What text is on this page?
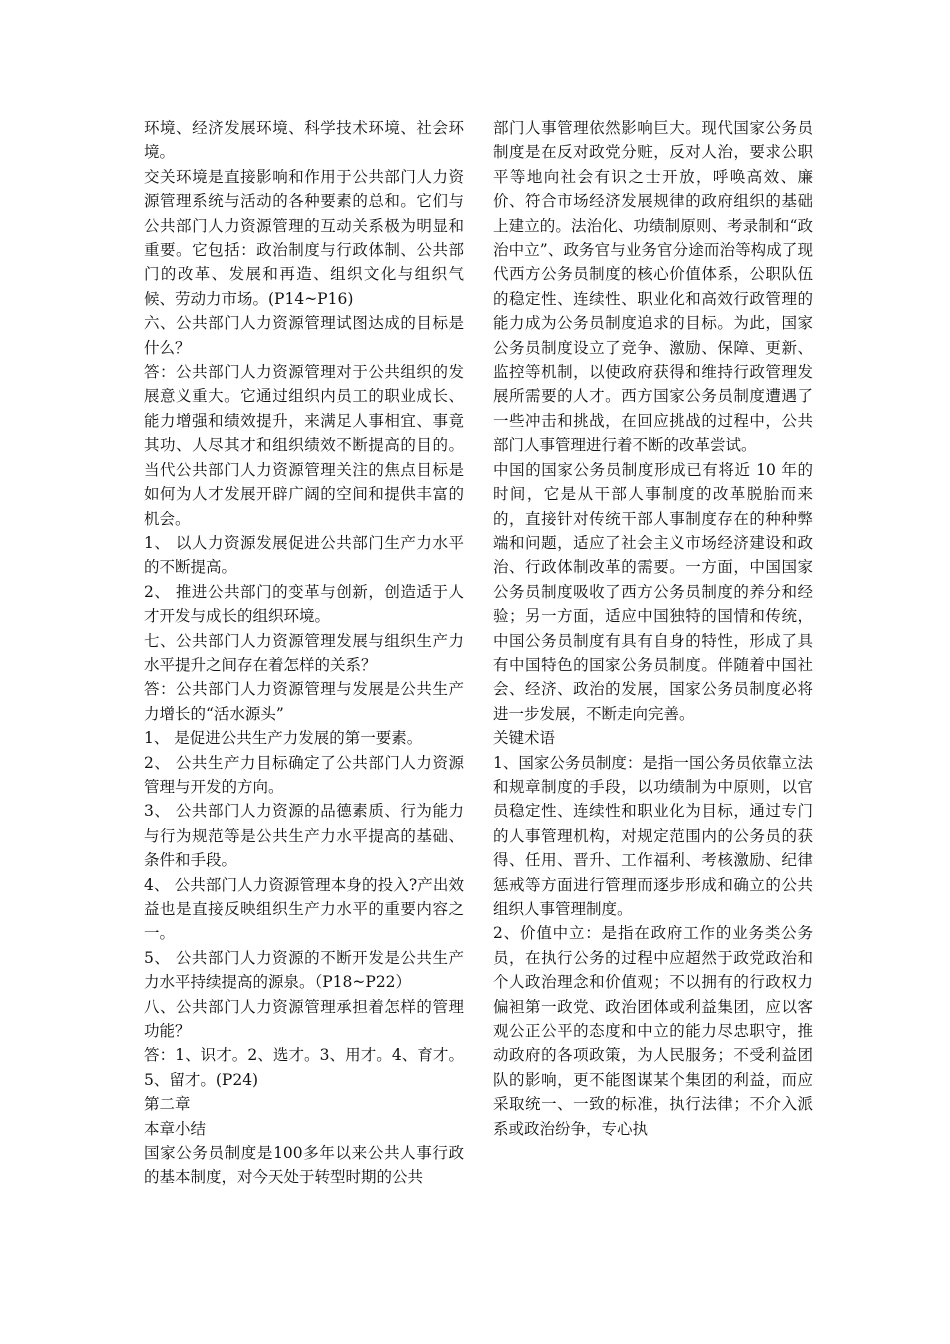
环境、经济发展环境、科学技术环境、社会环境。

交关环境是直接影响和作用于公共部门人力资源管理系统与活动的各种要素的总和。它们与公共部门人力资源管理的互动关系极为明显和重要。它包括：政治制度与行政体制、公共部门的改革、发展和再造、组织文化与组织气候、劳动力市场。(P14~P16)

六、公共部门人力资源管理试图达成的目标是什么？

答：公共部门人力资源管理对于公共组织的发展意义重大。它通过组织内员工的职业成长、能力增强和绩效提升，来满足人事相宜、事竟其功、人尽其才和组织绩效不断提高的目的。当代公共部门人力资源管理关注的焦点目标是如何为人才发展开辟广阔的空间和提供丰富的机会。

1、 以人力资源发展促进公共部门生产力水平的不断提高。

2、 推进公共部门的变革与创新，创造适于人才开发与成长的组织环境。

七、公共部门人力资源管理发展与组织生产力水平提升之间存在着怎样的关系？

答：公共部门人力资源管理与发展是公共生产力增长的“活水源头”

1、 是促进公共生产力发展的第一要素。

2、 公共生产力目标确定了公共部门人力资源管理与开发的方向。

3、 公共部门人力资源的品德素质、行为能力与行为规范等是公共生产力水平提高的基础、条件和手段。

4、 公共部门人力资源管理本身的投入?产出效益也是直接反映组织生产力水平的重要内容之一。

5、 公共部门人力资源的不断开发是公共生产力水平持续提高的源泉。（P18~P22）

八、公共部门人力资源管理承担着怎样的管理功能？

答：1、识才。2、选才。3、用才。4、育才。5、留才。(P24)

第二章

本章小结

国家公务员制度是100多年以来公共人事行政的基本制度，对今天处于转型时期的公共

部门人事管理依然影响巨大。现代国家公务员制度是在反对政党分赃，反对人治，要求公职平等地向社会有识之士开放，呼唤高效、廉价、符合市场经济发展规律的政府组织的基础上建立的。法治化、功绩制原则、考录制和“政治中立”、政务官与业务官分途而治等构成了现代西方公务员制度的核心价值体系，公职队伍的稳定性、连续性、职业化和高效行政管理的能力成为公务员制度追求的目标。为此，国家公务员制度设立了竞争、激励、保障、更新、监控等机制，以使政府获得和维持行政管理发展所需要的人才。西方国家公务员制度遭遇了一些冲击和挑战，在回应挑战的过程中，公共部门人事管理进行着不断的改革尝试。

中国的国家公务员制度形成已有将近 10 年的时间，它是从干部人事制度的改革脱胎而来的，直接针对传统干部人事制度存在的种种弊端和问题，适应了社会主义市场经济建设和政治、行政体制改革的需要。一方面，中国国家公务员制度吸收了西方公务员制度的养分和经验；另一方面，适应中国独特的国情和传统，中国公务员制度有具有自身的特性，形成了具有中国特色的国家公务员制度。伴随着中国社会、经济、政治的发展，国家公务员制度必将进一步发展，不断走向完善。

关键术语

1、国家公务员制度：是指一国公务员依靠立法和规章制度的手段，以功绩制为中原则，以官员稳定性、连续性和职业化为目标，通过专门的人事管理机构，对规定范围内的公务员的获得、任用、晋升、工作福利、考核激励、纪律惩戒等方面进行管理而逐步形成和确立的公共组织人事管理制度。

2、价值中立：是指在政府工作的业务类公务员，在执行公务的过程中应超然于政党政治和个人政治理念和价值观；不以拥有的行政权力偏袒第一政党、政治团体或利益集团，应以客观公正公平的态度和中立的能力尽忠职守，推动政府的各项政策，为人民服务；不受利益团队的影响，更不能图谋某个集团的利益，而应采取统一、一致的标准，执行法律；不介入派系或政治纷争，专心执
